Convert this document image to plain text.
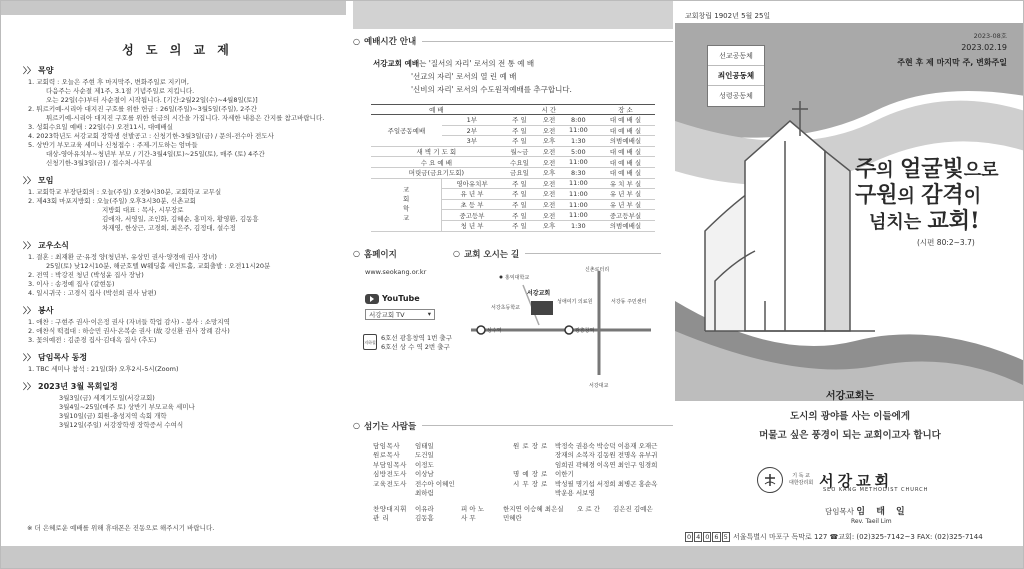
성 도 의 교 제
〉〉 목양
1. 교회력 : 오늘은 주현 후 마지막주, 변화주일로 지키며,
다음주는 사순절 제1주, 3.1절 기념주일로 지킵니다.
오는 22일(수)부터 사순절이 시작됩니다. [기간:2월22일(수)~4월8일(토)]
2. 튀르키예-시리아 대지진 구호를 위한 헌금 : 26일(주일)~3월5일(주일), 2주간
튀르키예-시리아 대지진 구호를 위한 헌금의 시간을 가집니다. 자세한 내용은 간지를 참고바랍니다.
3. 성회수요일 예배 : 22일(수) 오전11시, 대예배실
4. 2023학년도 서강교회 장학생 선발공고 : 신청기한-3월3일(금) / 문의-전수아 전도사
5. 상반기 부모교육 세미나 신청접수 : 주제-기도하는 엄마들
대상-영아유치부~청년부 부모 / 기간-3월4일(토)~25일(토), 매주 (토) 4주간
신청기한-3월3일(금) / 접수처-사무실
〉〉 모임
1. 교회학교 부장단회의 : 오늘(주일) 오전9시30분, 교회학교 교무실
2. 제43회 마포지방회 : 오늘(주일) 오후3시30분, 신촌교회
지방회 대표 : 목사, 시무장로
김애자, 서영일, 조인화, 김혜순, 홍미자, 황영환, 김동흥
차재영, 한상근, 고경희, 최은주, 김정대, 설수정
〉〉 교우소식
1. 결혼 : 최재환 군·유정 양(청년부, 유상민 권사·양경애 권사 장녀)
25일(토) 낮12시10분, 해군호텔 W웨딩홀 세인트홀, 교회출발 : 오전11시20분
2. 전역 : 박강진 청년 (박성윤 집사 장남)
3. 이사 : 송정예 집사 (갈현동)
4. 일시귀국 : 고경식 집사 (박선희 권사 남편)
〉〉 봉사
1. 애찬 : 구현주 권사·이은정 권사 (자녀들 학업 감사) - 봉사 : 소망지역
2. 애찬식 떡접대 : 하승민 권사·온복순 권사 (故 강신환 권사 장례 감사)
3. 꽃의예전 : 김준경 집사·김대옥 집사 (추도)
〉〉 담임목사 동정
1. TBC 세미나 참석 : 21일(화) 오후2시-5시(Zoom)
〉〉 2023년 3월 목회일정
3월3일(금) 세계기도일(서강교회)
3월4일~25일(매주 토) 상반기 부모교육 세미나
3월10일(금) 회원-충성지역 속회 개학
3월12일(주일) 서강장학생 장학증서 수여식
※ 더 은혜로운 예배를 위해 휴대폰은 진동으로 해주시기 바랍니다.
○ 예배시간 안내
서강교회 예배는 '질서의 자리' 로서의 전 통 예 배
'선교의 자리' 로서의 열 린 예 배
'신비의 자리' 로서의 수도원적예배를 추구합니다.
예 배		시 간			장 소
주일공동예배	1부	주 일	오전	8:00	대 예 배 실
	2부	주 일	오전	11:00	대 예 배 실
	3부	주 일	오후	1:30	의범예배실
새 벽 기 도 회		월~금	오전	5:00	대 예 배 실
수 요 예 배		수요일	오전	11:00	대 예 배 실
머릿금(금요기도회)		금요일	오후	8:30	대 예 배 실
교회학교	영아유치부	주 일	오전	11:00	유 치 부 실
	유 년 부	주 일	오전	11:00	유 년 부 실
	초 등 부	주 일	오전	11:00	유 년 부 실
	중고등부	주 일	오전	11:00	중고등부실
	청 년 부	주 일	오후	1:30	의범예배실
○ 홈페이지
www.seokang.or.kr
YouTube
서강교회 TV	▾
지하철
6호선 광흥창역 1번 출구
6호선 상 수 역 2번 출구
○ 교회 오시는 길
홍익대학교
신촌로터리
서강교회
서강초등학교
성애여기 의료원	서강동 주민센터
상수역	광흥창역
서강대교
○ 섬기는 사람들
담임목사	임태일
원로목사	도건일
부담임목사	이정도
심방전도사	이상남
교육전도사	전수아 이혜인
최하림
원 로 장 로	박정숙 권용숙 박승덕 이용재 오재근
장재의 소복자 김동원 전명옥 유부귀
임희권 곽혜경 이옥연 최인구 임경희
명 예 장 로	이한기
시 무 장 로	박성필 명기섭 서정희 최병곤 홍순옥
박운용 서보영
찬양대지휘	이유라	피 아 노	한지연 이승혜 최은실	오 르 간	김은진 김예은
관 리	김동흠	사 무	민혜란
교회창립 1902년 5월 25일
2023-08호
2023.02.19
주현 후 제 마지막 주, 변화주일
선교공동체
죄인공동체
성령공동체
주의 얼굴빛으로
구원의 감격이
넘치는 교회!
(시편 80:2~3.7)
서강교회는
도시의 광야를 사는 이들에게
머물고 싶은 풍경이 되는 교회이고자 합니다
기 독 교
대한감리회 서강교회
SEO KANG METHODIST CHURCH
담임목사 임 태 일
Rev. Taeil Lim
0 4 0 6 5 서울특별시 마포구 독막로 127 ☎교회: (02)325-7142~3 FAX: (02)325-7144
